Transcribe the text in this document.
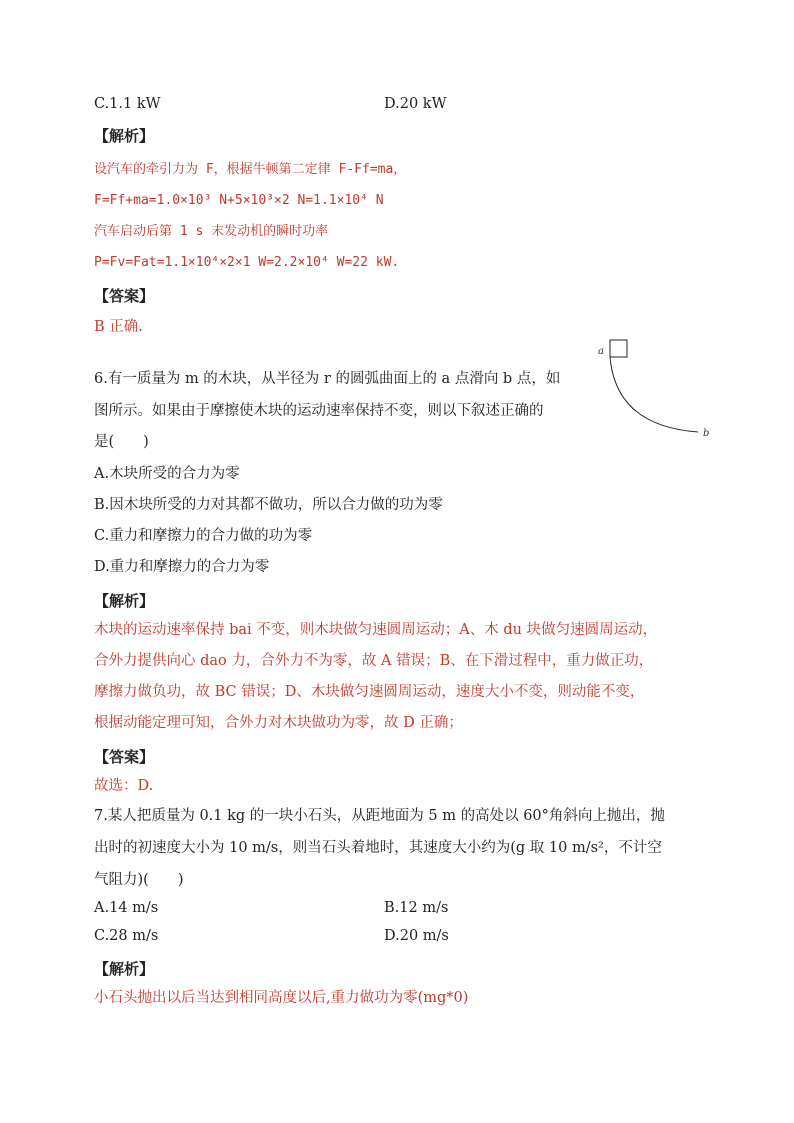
C.1.1 kW	D.20 kW
【解析】
设汽车的牵引力为 F，根据牛顿第二定律 F-Ff=ma，
F=Ff+ma=1.0×10³ N+5×10³×2 N=1.1×10⁴ N
汽车启动后第 1 s 末发动机的瞬时功率
P=Fv=Fat=1.1×10⁴×2×1 W=2.2×10⁴ W=22 kW.
【答案】
B 正确.
6.有一质量为 m 的木块，从半径为 r 的圆弧曲面上的 a 点滑向 b 点，如
图所示。如果由于摩擦使木块的运动速率保持不变，则以下叙述正确的
是(　　)
a
b
A.木块所受的合力为零
B.因木块所受的力对其都不做功，所以合力做的功为零
C.重力和摩擦力的合力做的功为零
D.重力和摩擦力的合力为零
【解析】
木块的运动速率保持 bai 不变，则木块做匀速圆周运动；A、木 du 块做匀速圆周运动，
合外力提供向心 dao 力，合外力不为零，故 A 错误；B、在下滑过程中，重力做正功，
摩擦力做负功，故 BC 错误；D、木块做匀速圆周运动，速度大小不变，则动能不变，
根据动能定理可知，合外力对木块做功为零，故 D 正确；
【答案】
故选：D.
7.某人把质量为 0.1 kg 的一块小石头，从距地面为 5 m 的高处以 60°角斜向上抛出，抛
出时的初速度大小为 10 m/s，则当石头着地时，其速度大小约为(g 取 10 m/s²，不计空
气阻力)(　　)
A.14 m/s	B.12 m/s
C.28 m/s	D.20 m/s
【解析】
小石头抛出以后当达到相同高度以后,重力做功为零(mg*0)
